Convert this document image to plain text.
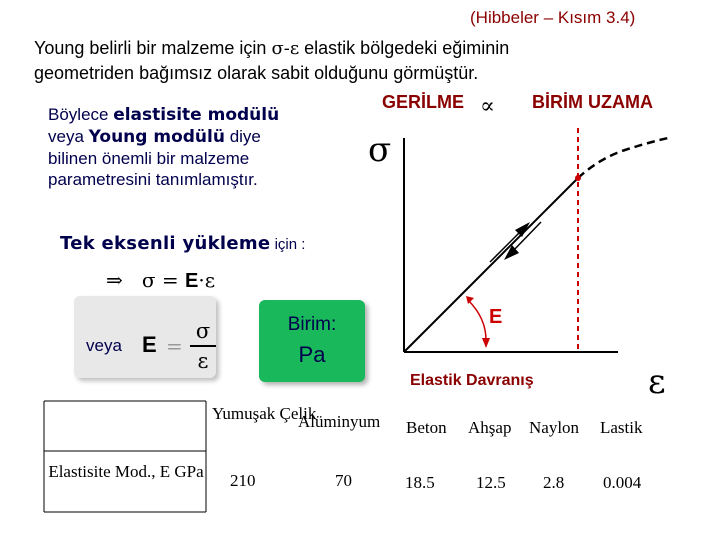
(Hibbeler – Kısım 3.4)
Young belirli bir malzeme için σ-ε elastik bölgedeki eğiminin
geometriden bağımsız olarak sabit olduğunu görmüştür.
GERİLME ∝ BİRİM UZAMA
Böylece elastisite modülü
veya Young modülü diye
bilinen önemli bir malzeme
parametresini tanımlamıştır.
Tek eksenli yükleme için :
⇒ σ = E·ε
veya E =
σ
ε
Birim:
Pa
σ
ε
E
Elastik Davranış
Yumuşak Çelik
Alüminyum Beton Ahşap Naylon Lastik
Elastisite Mod., E GPa 210	70	18.5 12.5 2.8 0.004
